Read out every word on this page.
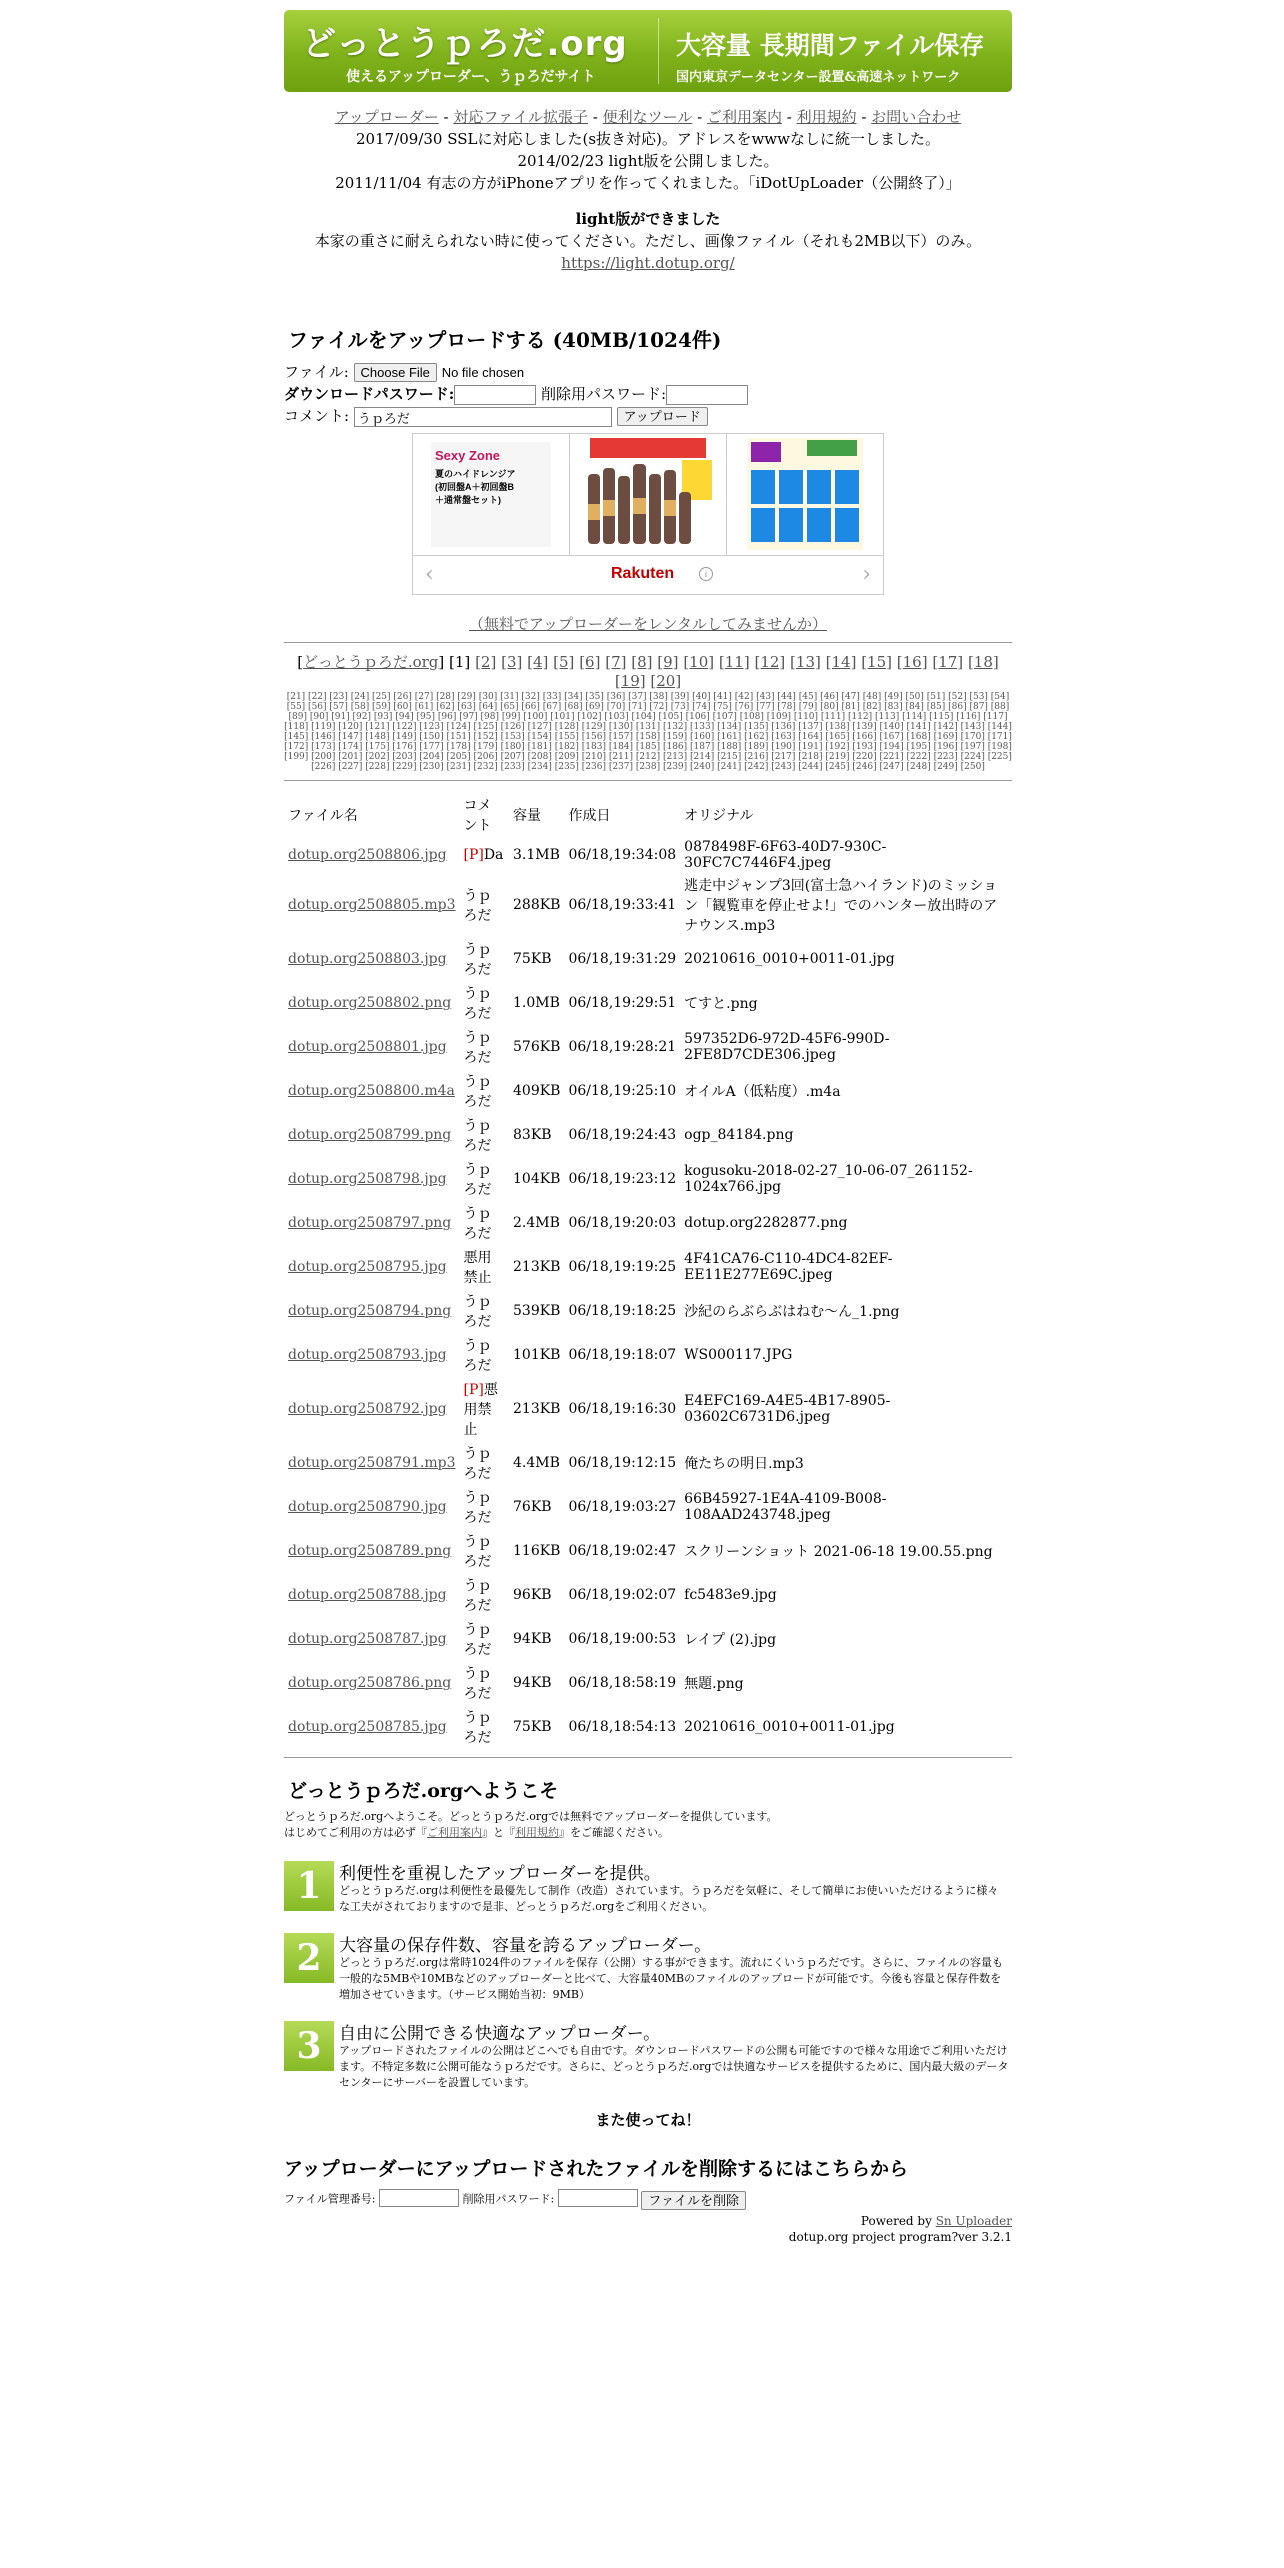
どっとうｐろだ.org
使えるアップローダー、うｐろだサイト
大容量 長期間ファイル保存
国内東京データセンター設置&高速ネットワーク
アップローダー - 対応ファイル拡張子 - 便利なツール - ご利用案内 - 利用規約 - お問い合わせ
2017/09/30 SSLに対応しました(s抜き対応)。アドレスをwwwなしに統一しました。
2014/02/23 light版を公開しました。
2011/11/04 有志の方がiPhoneアプリを作ってくれました。「iDotUpLoader（公開終了）」
light版ができました
本家の重さに耐えられない時に使ってください。ただし、画像ファイル（それも2MB以下）のみ。
https://light.dotup.org/
ファイルをアップロードする (40MB/1024件)
ファイル: Choose File No file chosen
ダウンロードパスワード:	削除用パスワード:
コメント: うｐろだ	アップロード
Sexy Zone
夏のハイドレンジア
(初回盤A＋初回盤B
＋通常盤セット)
‹	Rakuten	i	›
（無料でアップローダーをレンタルしてみませんか）
[どっとうｐろだ.org] [1] [2] [3] [4] [5] [6] [7] [8] [9] [10] [11] [12] [13] [14] [15] [16] [17] [18] [19] [20]
[21] [22] [23] [24] [25] [26] [27] [28] [29] [30] [31] [32] [33] [34] [35] [36] [37] [38] [39] [40] [41] [42] [43] [44] [45] [46] [47] [48] [49] [50] [51] [52] [53] [54] [55] [56] [57] [58] [59] [60] [61] [62] [63] [64] [65] [66] [67] [68] [69] [70] [71] [72] [73] [74] [75] [76] [77] [78] [79] [80] [81] [82] [83] [84] [85] [86] [87] [88] [89] [90] [91] [92] [93] [94] [95] [96] [97] [98] [99] [100] [101] [102] [103] [104] [105] [106] [107] [108] [109] [110] [111] [112] [113] [114] [115] [116] [117] [118] [119] [120] [121] [122] [123] [124] [125] [126] [127] [128] [129] [130] [131] [132] [133] [134] [135] [136] [137] [138] [139] [140] [141] [142] [143] [144] [145] [146] [147] [148] [149] [150] [151] [152] [153] [154] [155] [156] [157] [158] [159] [160] [161] [162] [163] [164] [165] [166] [167] [168] [169] [170] [171] [172] [173] [174] [175] [176] [177] [178] [179] [180] [181] [182] [183] [184] [185] [186] [187] [188] [189] [190] [191] [192] [193] [194] [195] [196] [197] [198] [199] [200] [201] [202] [203] [204] [205] [206] [207] [208] [209] [210] [211] [212] [213] [214] [215] [216] [217] [218] [219] [220] [221] [222] [223] [224] [225] [226] [227] [228] [229] [230] [231] [232] [233] [234] [235] [236] [237] [238] [239] [240] [241] [242] [243] [244] [245] [246] [247] [248] [249] [250]
ファイル名	コメント	容量	作成日	オリジナル
dotup.org2508806.jpg	[P]Da	3.1MB	06/18,19:34:08	0878498F-6F63-40D7-930C-30FC7C7446F4.jpeg
dotup.org2508805.mp3	うｐろだ	288KB	06/18,19:33:41	逃走中ジャンプ3回(富士急ハイランド)のミッション「観覧車を停止せよ!」でのハンター放出時のアナウンス.mp3
dotup.org2508803.jpg	うｐろだ	75KB	06/18,19:31:29	20210616_0010+0011-01.jpg
dotup.org2508802.png	うｐろだ	1.0MB	06/18,19:29:51	てすと.png
dotup.org2508801.jpg	うｐろだ	576KB	06/18,19:28:21	597352D6-972D-45F6-990D-2FE8D7CDE306.jpeg
dotup.org2508800.m4a	うｐろだ	409KB	06/18,19:25:10	オイルA（低粘度）.m4a
dotup.org2508799.png	うｐろだ	83KB	06/18,19:24:43	ogp_84184.png
dotup.org2508798.jpg	うｐろだ	104KB	06/18,19:23:12	kogusoku-2018-02-27_10-06-07_261152-1024x766.jpg
dotup.org2508797.png	うｐろだ	2.4MB	06/18,19:20:03	dotup.org2282877.png
dotup.org2508795.jpg	悪用禁止	213KB	06/18,19:19:25	4F41CA76-C110-4DC4-82EF-EE11E277E69C.jpeg
dotup.org2508794.png	うｐろだ	539KB	06/18,19:18:25	沙紀のらぶらぶはねむ～ん_1.png
dotup.org2508793.jpg	うｐろだ	101KB	06/18,19:18:07	WS000117.JPG
dotup.org2508792.jpg	[P]悪用禁止	213KB	06/18,19:16:30	E4EFC169-A4E5-4B17-8905-03602C6731D6.jpeg
dotup.org2508791.mp3	うｐろだ	4.4MB	06/18,19:12:15	俺たちの明日.mp3
dotup.org2508790.jpg	うｐろだ	76KB	06/18,19:03:27	66B45927-1E4A-4109-B008-108AAD243748.jpeg
dotup.org2508789.png	うｐろだ	116KB	06/18,19:02:47	スクリーンショット 2021-06-18 19.00.55.png
dotup.org2508788.jpg	うｐろだ	96KB	06/18,19:02:07	fc5483e9.jpg
dotup.org2508787.jpg	うｐろだ	94KB	06/18,19:00:53	レイプ (2).jpg
dotup.org2508786.png	うｐろだ	94KB	06/18,18:58:19	無題.png
dotup.org2508785.jpg	うｐろだ	75KB	06/18,18:54:13	20210616_0010+0011-01.jpg
どっとうｐろだ.orgへようこそ
どっとうｐろだ.orgへようこそ。どっとうｐろだ.orgでは無料でアップローダーを提供しています。
はじめてご利用の方は必ず『ご利用案内』と『利用規約』をご確認ください。
1	利便性を重視したアップローダーを提供。
どっとうｐろだ.orgは利便性を最優先して制作（改造）されています。うｐろだを気軽に、そして簡単にお使いいただけるように様々な工夫がされておりますので是非、どっとうｐろだ.orgをご利用ください。
2	大容量の保存件数、容量を誇るアップローダー。
どっとうｐろだ.orgは常時1024件のファイルを保存（公開）する事ができます。流れにくいうｐろだです。さらに、ファイルの容量も一般的な5MBや10MBなどのアップローダーと比べて、大容量40MBのファイルのアップロードが可能です。今後も容量と保存件数を増加させていきます。（サービス開始当初：9MB）
3	自由に公開できる快適なアップローダー。
アップロードされたファイルの公開はどこへでも自由です。ダウンロードパスワードの公開も可能ですので様々な用途でご利用いただけます。不特定多数に公開可能なうｐろだです。さらに、どっとうｐろだ.orgでは快適なサービスを提供するために、国内最大級のデータセンターにサーバーを設置しています。
また使ってね！
アップローダーにアップロードされたファイルを削除するにはこちらから
ファイル管理番号:	削除用パスワード:	ファイルを削除
Powered by Sn Uploader
dotup.org project program?ver 3.2.1
